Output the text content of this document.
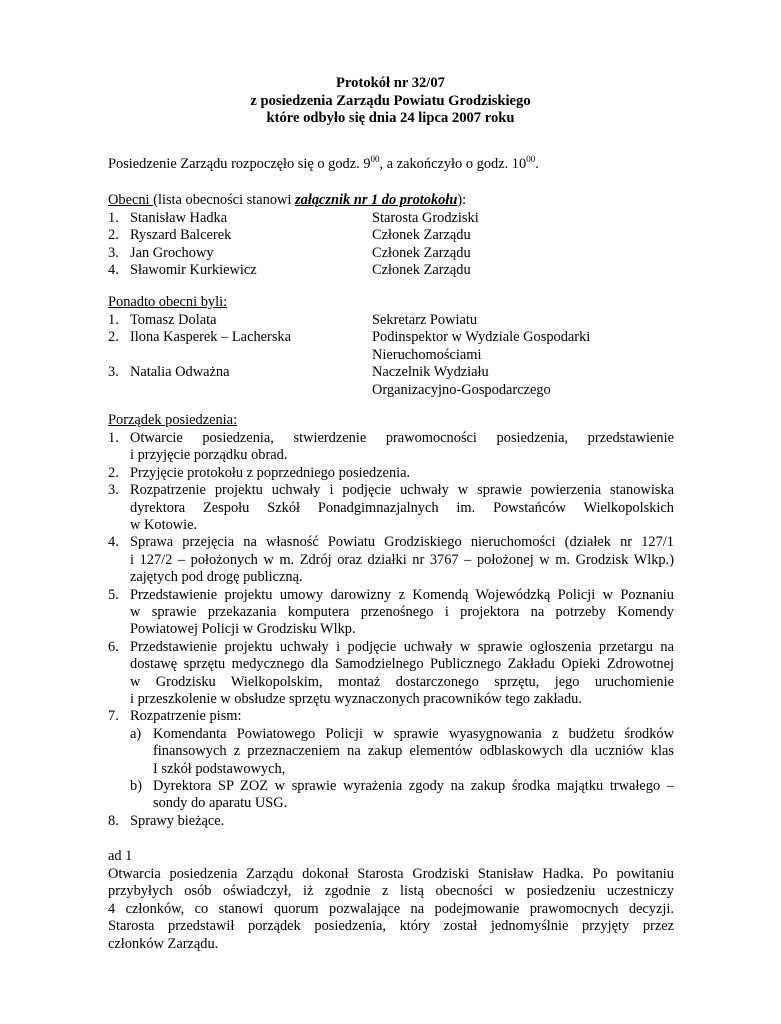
Protokół nr 32/07
z posiedzenia Zarządu Powiatu Grodziskiego
które odbyło się dnia 24 lipca 2007 roku
Posiedzenie Zarządu rozpoczęło się o godz. $9^{00}$, a zakończyło o godz. $10^{00}$.
Obecni (lista obecności stanowi załącznik nr 1 do protokołu):
1. Stanisław Hadka	Starosta Grodziski
2. Ryszard Balcerek	Członek Zarządu
3. Jan Grochowy	Członek Zarządu
4. Sławomir Kurkiewicz	Członek Zarządu
Ponadto obecni byli:
1. Tomasz Dolata	Sekretarz Powiatu
2. Ilona Kasperek – Lacherska	Podinspektor w Wydziale Gospodarki
Nieruchomościami
3. Natalia Odważna	Naczelnik Wydziału
Organizacyjno-Gospodarczego
Porządek posiedzenia:
1. Otwarcie posiedzenia, stwierdzenie prawomocności posiedzenia, przedstawienie
i przyjęcie porządku obrad.
2. Przyjęcie protokołu z poprzedniego posiedzenia.
3. Rozpatrzenie projektu uchwały i podjęcie uchwały w sprawie powierzenia stanowiska
dyrektora Zespołu Szkół Ponadgimnazjalnych im. Powstańców Wielkopolskich
w Kotowie.
4. Sprawa przejęcia na własność Powiatu Grodziskiego nieruchomości (działek nr 127/1
i 127/2 – położonych w m. Zdrój oraz działki nr 3767 – położonej w m. Grodzisk Wlkp.)
zajętych pod drogę publiczną.
5. Przedstawienie projektu umowy darowizny z Komendą Wojewódzką Policji w Poznaniu
w sprawie przekazania komputera przenośnego i projektora na potrzeby Komendy
Powiatowej Policji w Grodzisku Wlkp.
6. Przedstawienie projektu uchwały i podjęcie uchwały w sprawie ogłoszenia przetargu na
dostawę sprzętu medycznego dla Samodzielnego Publicznego Zakładu Opieki Zdrowotnej
w Grodzisku Wielkopolskim, montaż dostarczonego sprzętu, jego uruchomienie
i przeszkolenie w obsłudze sprzętu wyznaczonych pracowników tego zakładu.
7. Rozpatrzenie pism:
a) Komendanta Powiatowego Policji w sprawie wyasygnowania z budżetu środków
finansowych z przeznaczeniem na zakup elementów odblaskowych dla uczniów klas
I szkół podstawowych,
b) Dyrektora SP ZOZ w sprawie wyrażenia zgody na zakup środka majątku trwałego –
sondy do aparatu USG.
8. Sprawy bieżące.
ad 1
Otwarcia posiedzenia Zarządu dokonał Starosta Grodziski Stanisław Hadka. Po powitaniu
przybyłych osób oświadczył, iż zgodnie z listą obecności w posiedzeniu uczestniczy
4 członków, co stanowi quorum pozwalające na podejmowanie prawomocnych decyzji.
Starosta przedstawił porządek posiedzenia, który został jednomyślnie przyjęty przez
członków Zarządu.
